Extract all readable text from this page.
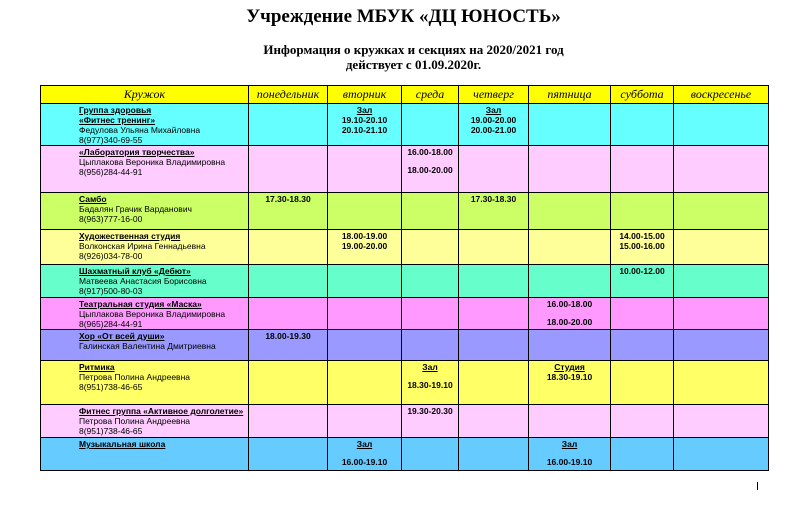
Учреждение МБУК «ДЦ ЮНОСТЬ»
Информация о кружках и секциях на 2020/2021 год
действует с 01.09.2020г.
Кружок	понедельник	вторник	среда	четверг	пятница	суббота	воскресенье

Группа здоровья
«Фитнес тренинг»
Федулова Ульяна Михайловна
8(977)340-69-55		Зал
19.10-20.10
20.10-21.10		Зал
19.00-20.00
20.00-21.00			

«Лаборатория творчества»
Цыплакова Вероника Владимировна
8(956)284-44-91			16.00-18.00
18.00-20.00				

Самбо
Бадалян Грачик Варданович
8(963)777-16-00	17.30-18.30			17.30-18.30			

Художественная студия
Волконская Ирина Геннадьевна
8(926)034-78-00		18.00-19.00
19.00-20.00				14.00-15.00
15.00-16.00	

Шахматный клуб «Дебют»
Матвеева Анастасия Борисовна
8(917)500-80-03						10.00-12.00	

Театральная студия «Маска»
Цыплакова Вероника Владимировна
8(965)284-44-91					16.00-18.00
18.00-20.00		

Хор «От всей души»
Галинская Валентина Дмитриевна	18.00-19.30						

Ритмика
Петрова Полина Андреевна
8(951)738-46-65			Зал
18.30-19.10		Студия
18.30-19.10		

Фитнес группа «Активное долголетие»
Петрова Полина Андреевна
8(951)738-46-65			19.30-20.30				

Музыкальная школа		Зал
16.00-19.10			Зал
16.00-19.10		
